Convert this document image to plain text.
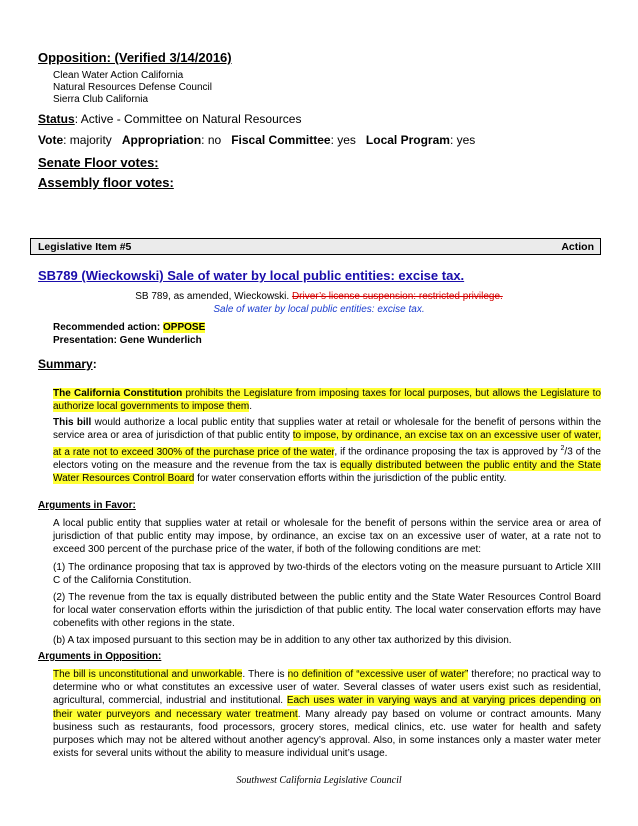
Opposition: (Verified 3/14/2016)
Clean Water Action California
Natural Resources Defense Council
Sierra Club California
Status: Active - Committee on Natural Resources
Vote: majority Appropriation: no Fiscal Committee: yes Local Program: yes
Senate Floor votes:
Assembly floor votes:
Legislative Item #5	Action
SB789 (Wieckowski) Sale of water by local public entities: excise tax.
SB 789, as amended, Wieckowski. Driver’s license suspension: restricted privilege.
Sale of water by local public entities: excise tax.
Recommended action: OPPOSE
Presentation: Gene Wunderlich
Summary:
The California Constitution prohibits the Legislature from imposing taxes for local purposes, but allows the Legislature to authorize local governments to impose them.
This bill would authorize a local public entity that supplies water at retail or wholesale for the benefit of persons within the service area or area of jurisdiction of that public entity to impose, by ordinance, an excise tax on an excessive user of water, at a rate not to exceed 300% of the purchase price of the water, if the ordinance proposing the tax is approved by $^2$/3 of the electors voting on the measure and the revenue from the tax is equally distributed between the public entity and the State Water Resources Control Board for water conservation efforts within the jurisdiction of the public entity.
Arguments in Favor:
A local public entity that supplies water at retail or wholesale for the benefit of persons within the service area or area of jurisdiction of that public entity may impose, by ordinance, an excise tax on an excessive user of water, at a rate not to exceed 300 percent of the purchase price of the water, if both of the following conditions are met:
(1) The ordinance proposing that tax is approved by two-thirds of the electors voting on the measure pursuant to Article XIII C of the California Constitution.
(2) The revenue from the tax is equally distributed between the public entity and the State Water Resources Control Board for local water conservation efforts within the jurisdiction of that public entity. The local water conservation efforts may have cobenefits with other regions in the state.
(b) A tax imposed pursuant to this section may be in addition to any other tax authorized by this division.
Arguments in Opposition:
The bill is unconstitutional and unworkable. There is no definition of “excessive user of water” therefore; no practical way to determine who or what constitutes an excessive user of water. Several classes of water users exist such as residential, agricultural, commercial, industrial and institutional. Each uses water in varying ways and at varying prices depending on their water purveyors and necessary water treatment. Many already pay based on volume or contract amounts. Many business such as restaurants, food processors, grocery stores, medical clinics, etc. use water for health and safety purposes which may not be altered without another agency’s approval. Also, in some instances only a master water meter exists for several units without the ability to measure individual unit’s usage.
Southwest California Legislative Council
